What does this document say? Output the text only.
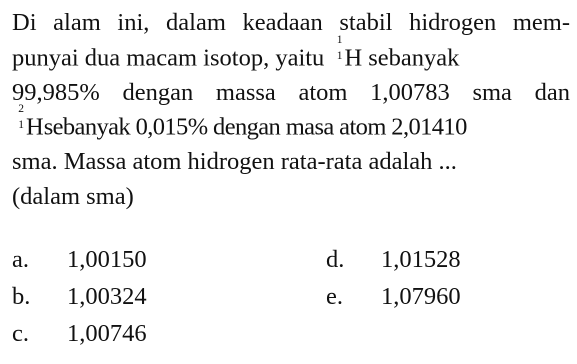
Di alam ini, dalam keadaan stabil hidrogen mem-
punyai dua macam isotop, yaitu
1
1 H sebanyak
99,985% dengan massa atom 1,00783 sma dan
2
1 Hsebanyak 0,015% dengan masa atom 2,01410
sma. Massa atom hidrogen rata-rata adalah ...
(dalam sma)
a. 1,00150
b. 1,00324
c. 1,00746
d. 1,01528
e. 1,07960
